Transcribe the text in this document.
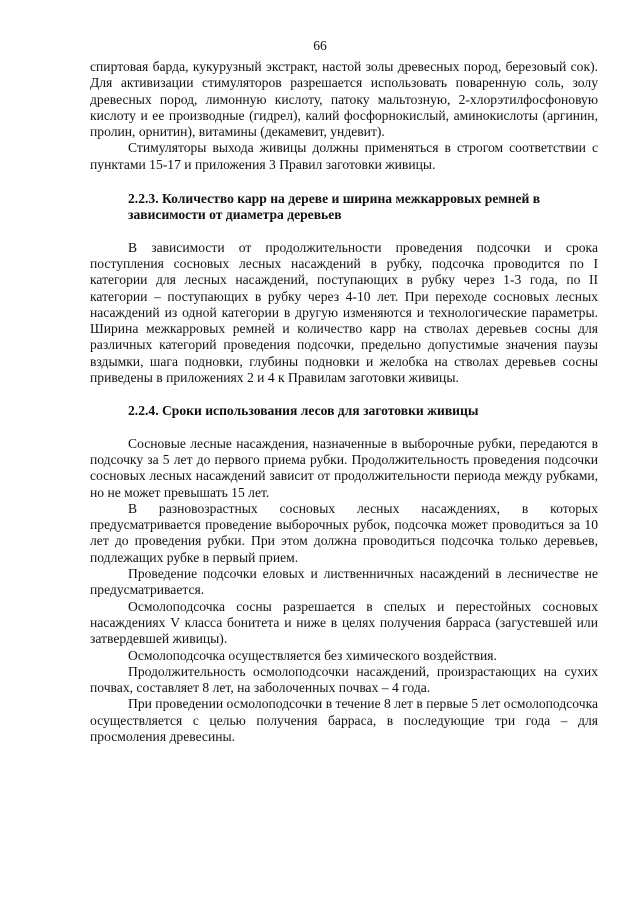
66

спиртовая барда, кукурузный экстракт, настой золы древесных пород, березовый сок). Для активизации стимуляторов разрешается использовать поваренную соль, золу древесных пород, лимонную кислоту, патоку мальтозную, 2-хлорэтилфосфоновую кислоту и ее производные (гидрел), калий фосфорнокислый, аминокислоты (аргинин, пролин, орнитин), витамины (декамевит, ундевит).

Стимуляторы выхода живицы должны применяться в строгом соответствии с пунктами 15-17 и приложения 3 Правил заготовки живицы.

2.2.3. Количество карр на дереве и ширина межкарровых ремней в зависимости от диаметра деревьев

В зависимости от продолжительности проведения подсочки и срока поступления сосновых лесных насаждений в рубку, подсочка проводится по I категории для лесных насаждений, поступающих в рубку через 1-3 года, по II категории – поступающих в рубку через 4-10 лет. При переходе сосновых лесных насаждений из одной категории в другую изменяются и технологические параметры. Ширина межкарровых ремней и количество карр на стволах деревьев сосны для различных категорий проведения подсочки, предельно допустимые значения паузы вздымки, шага подновки, глубины подновки и желобка на стволах деревьев сосны приведены в приложениях 2 и 4 к Правилам заготовки живицы.

2.2.4. Сроки использования лесов для заготовки живицы

Сосновые лесные насаждения, назначенные в выборочные рубки, передаются в подсочку за 5 лет до первого приема рубки. Продолжительность проведения подсочки сосновых лесных насаждений зависит от продолжительности периода между рубками, но не может превышать 15 лет.

В разновозрастных сосновых лесных насаждениях, в которых предусматривается проведение выборочных рубок, подсочка может проводиться за 10 лет до проведения рубки. При этом должна проводиться подсочка только деревьев, подлежащих рубке в первый прием.

Проведение подсочки еловых и лиственничных насаждений в лесничестве не предусматривается.

Осмолоподсочка сосны разрешается в спелых и перестойных сосновых насаждениях V класса бонитета и ниже в целях получения барраса (загустевшей или затвердевшей живицы).

Осмолоподсочка осуществляется без химического воздействия.

Продолжительность осмолоподсочки насаждений, произрастающих на сухих почвах, составляет 8 лет, на заболоченных почвах – 4 года.

При проведении осмолоподсочки в течение 8 лет в первые 5 лет осмолоподсочка осуществляется с целью получения барраса, в последующие три года – для просмоления древесины.
